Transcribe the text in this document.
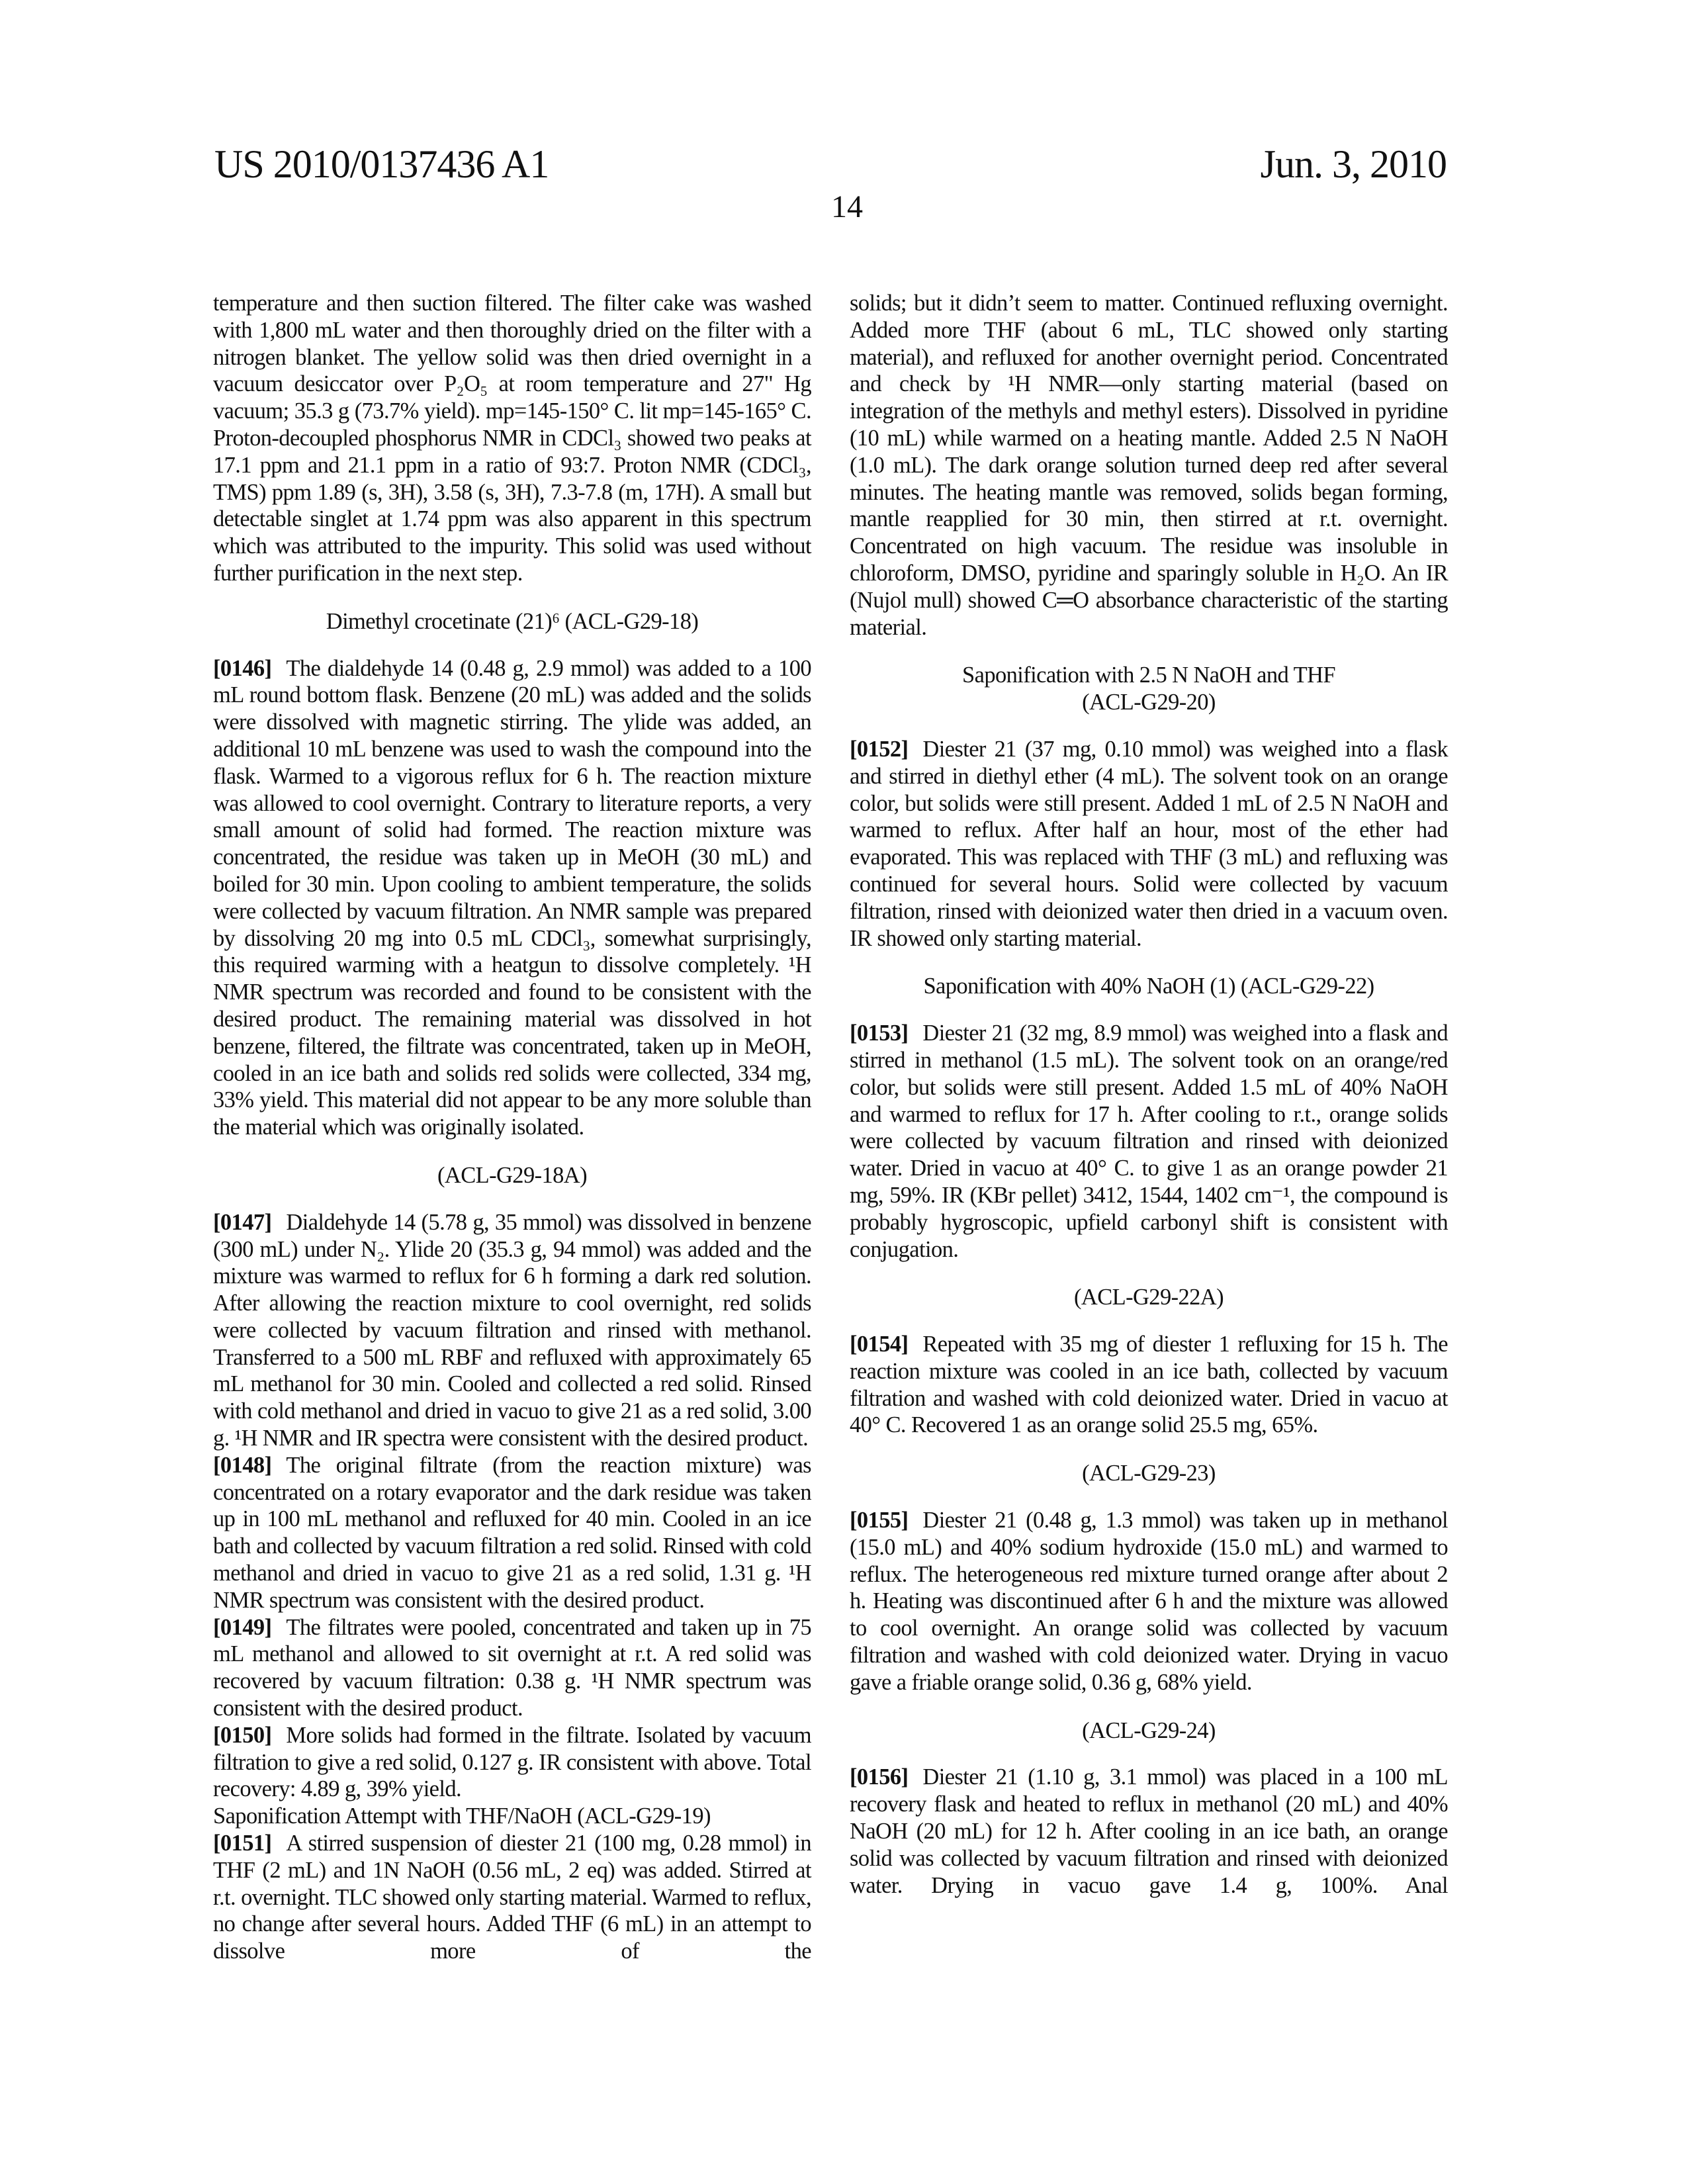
US 2010/0137436 A1	Jun. 3, 2010
14

temperature and then suction filtered. The filter cake was washed with 1,800 mL water and then thoroughly dried on the filter with a nitrogen blanket. The yellow solid was then dried overnight in a vacuum desiccator over P₂O₅ at room temperature and 27" Hg vacuum; 35.3 g (73.7% yield). mp=145-150° C. lit mp=145-165° C. Proton-decoupled phosphorus NMR in CDCl₃ showed two peaks at 17.1 ppm and 21.1 ppm in a ratio of 93:7. Proton NMR (CDCl₃, TMS) ppm 1.89 (s, 3H), 3.58 (s, 3H), 7.3-7.8 (m, 17H). A small but detectable singlet at 1.74 ppm was also apparent in this spectrum which was attributed to the impurity. This solid was used without further purification in the next step.

Dimethyl crocetinate (21)⁶ (ACL-G29-18)

[0146] The dialdehyde 14 (0.48 g, 2.9 mmol) was added to a 100 mL round bottom flask. Benzene (20 mL) was added and the solids were dissolved with magnetic stirring. The ylide was added, an additional 10 mL benzene was used to wash the compound into the flask. Warmed to a vigorous reflux for 6 h. The reaction mixture was allowed to cool overnight. Contrary to literature reports, a very small amount of solid had formed. The reaction mixture was concentrated, the residue was taken up in MeOH (30 mL) and boiled for 30 min. Upon cooling to ambient temperature, the solids were collected by vacuum filtration. An NMR sample was prepared by dissolving 20 mg into 0.5 mL CDCl₃, somewhat surprisingly, this required warming with a heatgun to dissolve completely. ¹H NMR spectrum was recorded and found to be consistent with the desired product. The remaining material was dissolved in hot benzene, filtered, the filtrate was concentrated, taken up in MeOH, cooled in an ice bath and solids red solids were collected, 334 mg, 33% yield. This material did not appear to be any more soluble than the material which was originally isolated.

(ACL-G29-18A)

[0147] Dialdehyde 14 (5.78 g, 35 mmol) was dissolved in benzene (300 mL) under N₂. Ylide 20 (35.3 g, 94 mmol) was added and the mixture was warmed to reflux for 6 h forming a dark red solution. After allowing the reaction mixture to cool overnight, red solids were collected by vacuum filtration and rinsed with methanol. Transferred to a 500 mL RBF and refluxed with approximately 65 mL methanol for 30 min. Cooled and collected a red solid. Rinsed with cold methanol and dried in vacuo to give 21 as a red solid, 3.00 g. ¹H NMR and IR spectra were consistent with the desired product.

[0148] The original filtrate (from the reaction mixture) was concentrated on a rotary evaporator and the dark residue was taken up in 100 mL methanol and refluxed for 40 min. Cooled in an ice bath and collected by vacuum filtration a red solid. Rinsed with cold methanol and dried in vacuo to give 21 as a red solid, 1.31 g. ¹H NMR spectrum was consistent with the desired product.

[0149] The filtrates were pooled, concentrated and taken up in 75 mL methanol and allowed to sit overnight at r.t. A red solid was recovered by vacuum filtration: 0.38 g. ¹H NMR spectrum was consistent with the desired product.

[0150] More solids had formed in the filtrate. Isolated by vacuum filtration to give a red solid, 0.127 g. IR consistent with above. Total recovery: 4.89 g, 39% yield.

Saponification Attempt with THF/NaOH (ACL-G29-19)

[0151] A stirred suspension of diester 21 (100 mg, 0.28 mmol) in THF (2 mL) and 1N NaOH (0.56 mL, 2 eq) was added. Stirred at r.t. overnight. TLC showed only starting material. Warmed to reflux, no change after several hours. Added THF (6 mL) in an attempt to dissolve more of the

solids; but it didn’t seem to matter. Continued refluxing overnight. Added more THF (about 6 mL, TLC showed only starting material), and refluxed for another overnight period. Concentrated and check by ¹H NMR—only starting material (based on integration of the methyls and methyl esters). Dissolved in pyridine (10 mL) while warmed on a heating mantle. Added 2.5 N NaOH (1.0 mL). The dark orange solution turned deep red after several minutes. The heating mantle was removed, solids began forming, mantle reapplied for 30 min, then stirred at r.t. overnight. Concentrated on high vacuum. The residue was insoluble in chloroform, DMSO, pyridine and sparingly soluble in H₂O. An IR (Nujol mull) showed C═O absorbance characteristic of the starting material.

Saponification with 2.5 N NaOH and THF
(ACL-G29-20)

[0152] Diester 21 (37 mg, 0.10 mmol) was weighed into a flask and stirred in diethyl ether (4 mL). The solvent took on an orange color, but solids were still present. Added 1 mL of 2.5 N NaOH and warmed to reflux. After half an hour, most of the ether had evaporated. This was replaced with THF (3 mL) and refluxing was continued for several hours. Solid were collected by vacuum filtration, rinsed with deionized water then dried in a vacuum oven. IR showed only starting material.

Saponification with 40% NaOH (1) (ACL-G29-22)

[0153] Diester 21 (32 mg, 8.9 mmol) was weighed into a flask and stirred in methanol (1.5 mL). The solvent took on an orange/red color, but solids were still present. Added 1.5 mL of 40% NaOH and warmed to reflux for 17 h. After cooling to r.t., orange solids were collected by vacuum filtration and rinsed with deionized water. Dried in vacuo at 40° C. to give 1 as an orange powder 21 mg, 59%. IR (KBr pellet) 3412, 1544, 1402 cm⁻¹, the compound is probably hygroscopic, upfield carbonyl shift is consistent with conjugation.

(ACL-G29-22A)

[0154] Repeated with 35 mg of diester 1 refluxing for 15 h. The reaction mixture was cooled in an ice bath, collected by vacuum filtration and washed with cold deionized water. Dried in vacuo at 40° C. Recovered 1 as an orange solid 25.5 mg, 65%.

(ACL-G29-23)

[0155] Diester 21 (0.48 g, 1.3 mmol) was taken up in methanol (15.0 mL) and 40% sodium hydroxide (15.0 mL) and warmed to reflux. The heterogeneous red mixture turned orange after about 2 h. Heating was discontinued after 6 h and the mixture was allowed to cool overnight. An orange solid was collected by vacuum filtration and washed with cold deionized water. Drying in vacuo gave a friable orange solid, 0.36 g, 68% yield.

(ACL-G29-24)

[0156] Diester 21 (1.10 g, 3.1 mmol) was placed in a 100 mL recovery flask and heated to reflux in methanol (20 mL) and 40% NaOH (20 mL) for 12 h. After cooling in an ice bath, an orange solid was collected by vacuum filtration and rinsed with deionized water. Drying in vacuo gave 1.4 g, 100%. Anal
